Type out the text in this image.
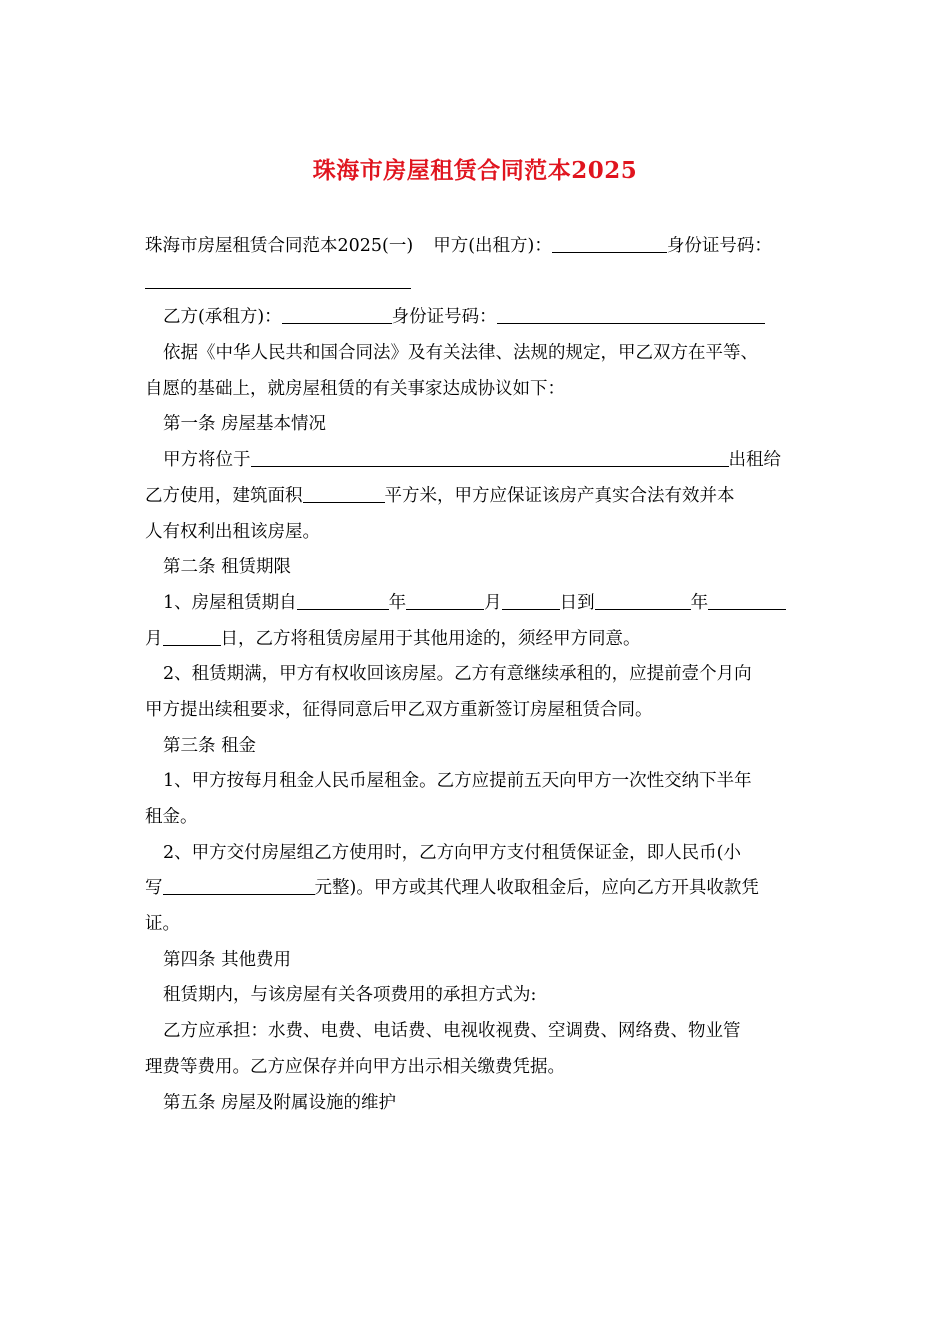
珠海市房屋租赁合同范本2025
珠海市房屋租赁合同范本2025(一) 甲方(出租方)：	身份证号码：
乙方(承租方)：	身份证号码：
依据《中华人民共和国合同法》及有关法律、法规的规定，甲乙双方在平等、
自愿的基础上，就房屋租赁的有关事家达成协议如下：
第一条 房屋基本情况
甲方将位于	出租给
乙方使用，建筑面积	平方米，甲方应保证该房产真实合法有效并本
人有权利出租该房屋。
第二条 租赁期限
1、房屋租赁期自	年	月	日到	年
月	日，乙方将租赁房屋用于其他用途的，须经甲方同意。
2、租赁期满，甲方有权收回该房屋。乙方有意继续承租的，应提前壹个月向
甲方提出续租要求，征得同意后甲乙双方重新签订房屋租赁合同。
第三条 租金
1、甲方按每月租金人民币屋租金。乙方应提前五天向甲方一次性交纳下半年
租金。
2、甲方交付房屋组乙方使用时，乙方向甲方支付租赁保证金，即人民币(小
写	元整)。甲方或其代理人收取租金后，应向乙方开具收款凭
证。
第四条 其他费用
租赁期内，与该房屋有关各项费用的承担方式为:
乙方应承担：水费、电费、电话费、电视收视费、空调费、网络费、物业管
理费等费用。乙方应保存并向甲方出示相关缴费凭据。
第五条 房屋及附属设施的维护
